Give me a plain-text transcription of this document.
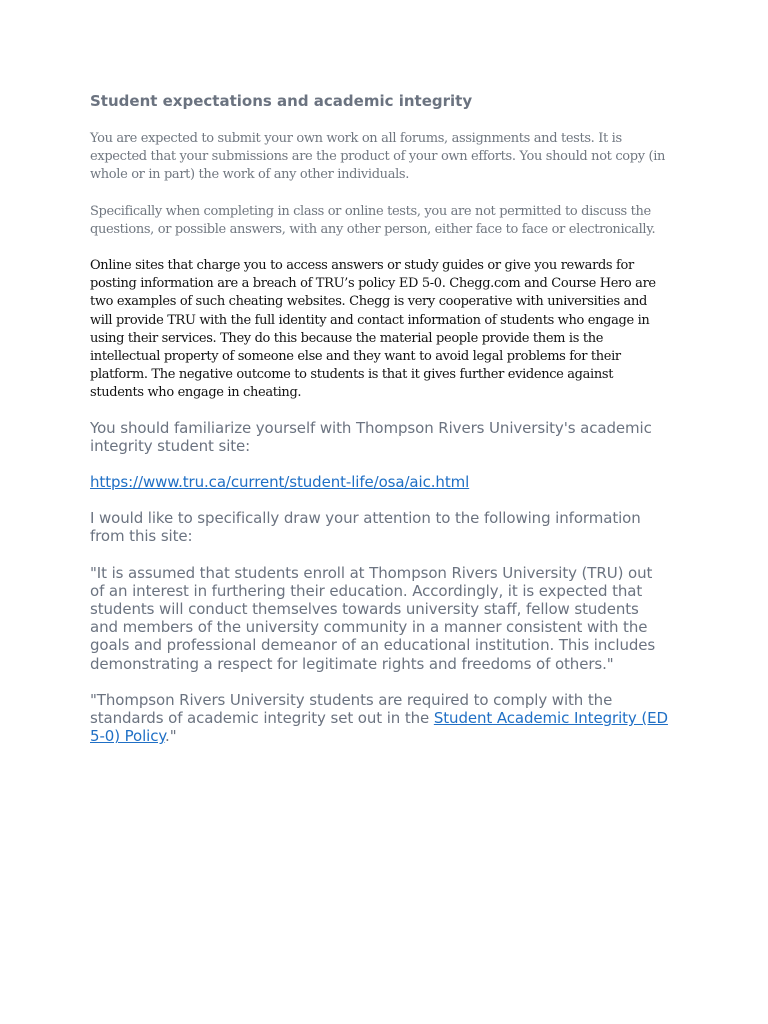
Student expectations and academic integrity

You are expected to submit your own work on all forums, assignments and tests. It is expected that your submissions are the product of your own efforts. You should not copy (in whole or in part) the work of any other individuals.

Specifically when completing in class or online tests, you are not permitted to discuss the questions, or possible answers, with any other person, either face to face or electronically.

Online sites that charge you to access answers or study guides or give you rewards for posting information are a breach of TRU’s policy ED 5-0. Chegg.com and Course Hero are two examples of such cheating websites. Chegg is very cooperative with universities and will provide TRU with the full identity and contact information of students who engage in using their services. They do this because the material people provide them is the intellectual property of someone else and they want to avoid legal problems for their platform. The negative outcome to students is that it gives further evidence against students who engage in cheating.

You should familiarize yourself with Thompson Rivers University's academic integrity student site:

https://www.tru.ca/current/student-life/osa/aic.html

I would like to specifically draw your attention to the following information from this site:

"It is assumed that students enroll at Thompson Rivers University (TRU) out of an interest in furthering their education. Accordingly, it is expected that students will conduct themselves towards university staff, fellow students and members of the university community in a manner consistent with the goals and professional demeanor of an educational institution. This includes demonstrating a respect for legitimate rights and freedoms of others."

"Thompson Rivers University students are required to comply with the standards of academic integrity set out in the Student Academic Integrity (ED 5-0) Policy."
